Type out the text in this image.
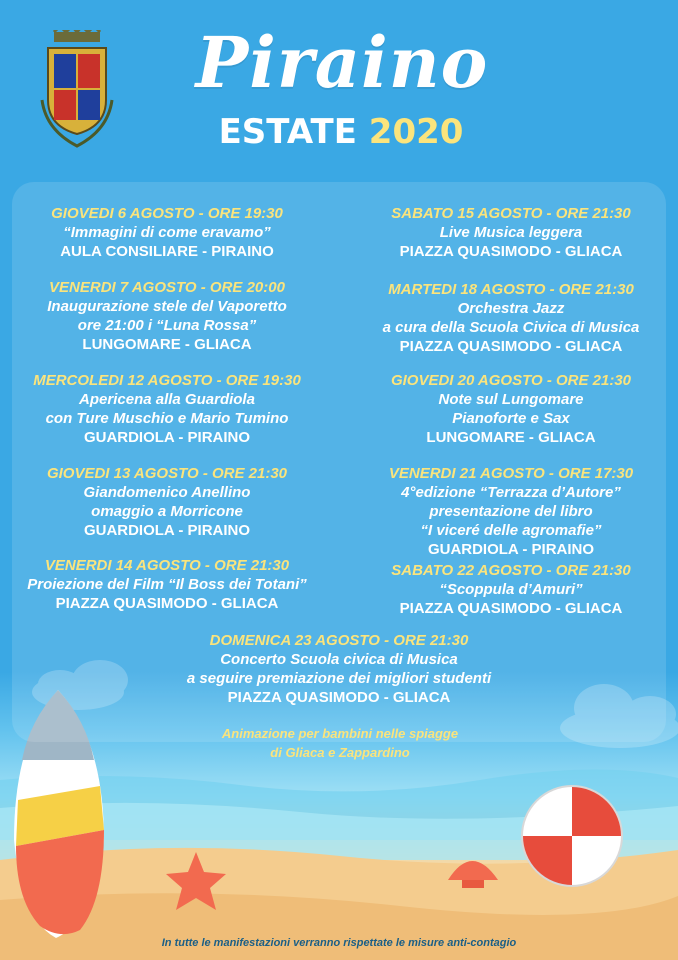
Piraino
ESTATE 2020
GIOVEDI 6 AGOSTO - ORE 19:30
“Immagini di come eravamo”
AULA CONSILIARE - PIRAINO
VENERDI 7 AGOSTO - ORE 20:00
Inaugurazione stele del Vaporetto
ore 21:00 i “Luna Rossa”
LUNGOMARE - GLIACA
MERCOLEDI 12 AGOSTO - ORE 19:30
Apericena alla Guardiola
con Ture Muschio e Mario Tumino
GUARDIOLA - PIRAINO
GIOVEDI 13 AGOSTO - ORE 21:30
Giandomenico Anellino
omaggio a Morricone
GUARDIOLA - PIRAINO
VENERDI 14 AGOSTO - ORE 21:30
Proiezione del Film “Il Boss dei Totani”
PIAZZA QUASIMODO - GLIACA
SABATO 15 AGOSTO - ORE 21:30
Live Musica leggera
PIAZZA QUASIMODO - GLIACA
MARTEDI 18 AGOSTO - ORE 21:30
Orchestra Jazz
a cura della Scuola Civica di Musica
PIAZZA QUASIMODO - GLIACA
GIOVEDI 20 AGOSTO - ORE 21:30
Note sul Lungomare
Pianoforte e Sax
LUNGOMARE - GLIACA
VENERDI 21 AGOSTO - ORE 17:30
4°edizione “Terrazza d’Autore”
presentazione del libro
“I viceré delle agromafie”
GUARDIOLA - PIRAINO
SABATO 22 AGOSTO - ORE 21:30
“Scoppula d’Amuri”
PIAZZA QUASIMODO - GLIACA
DOMENICA 23 AGOSTO - ORE 21:30
Concerto Scuola civica di Musica
a seguire premiazione dei migliori studenti
PIAZZA QUASIMODO - GLIACA
Animazione per bambini nelle spiagge
di Gliaca e Zappardino
In tutte le manifestazioni verranno rispettate le misure anti-contagio
